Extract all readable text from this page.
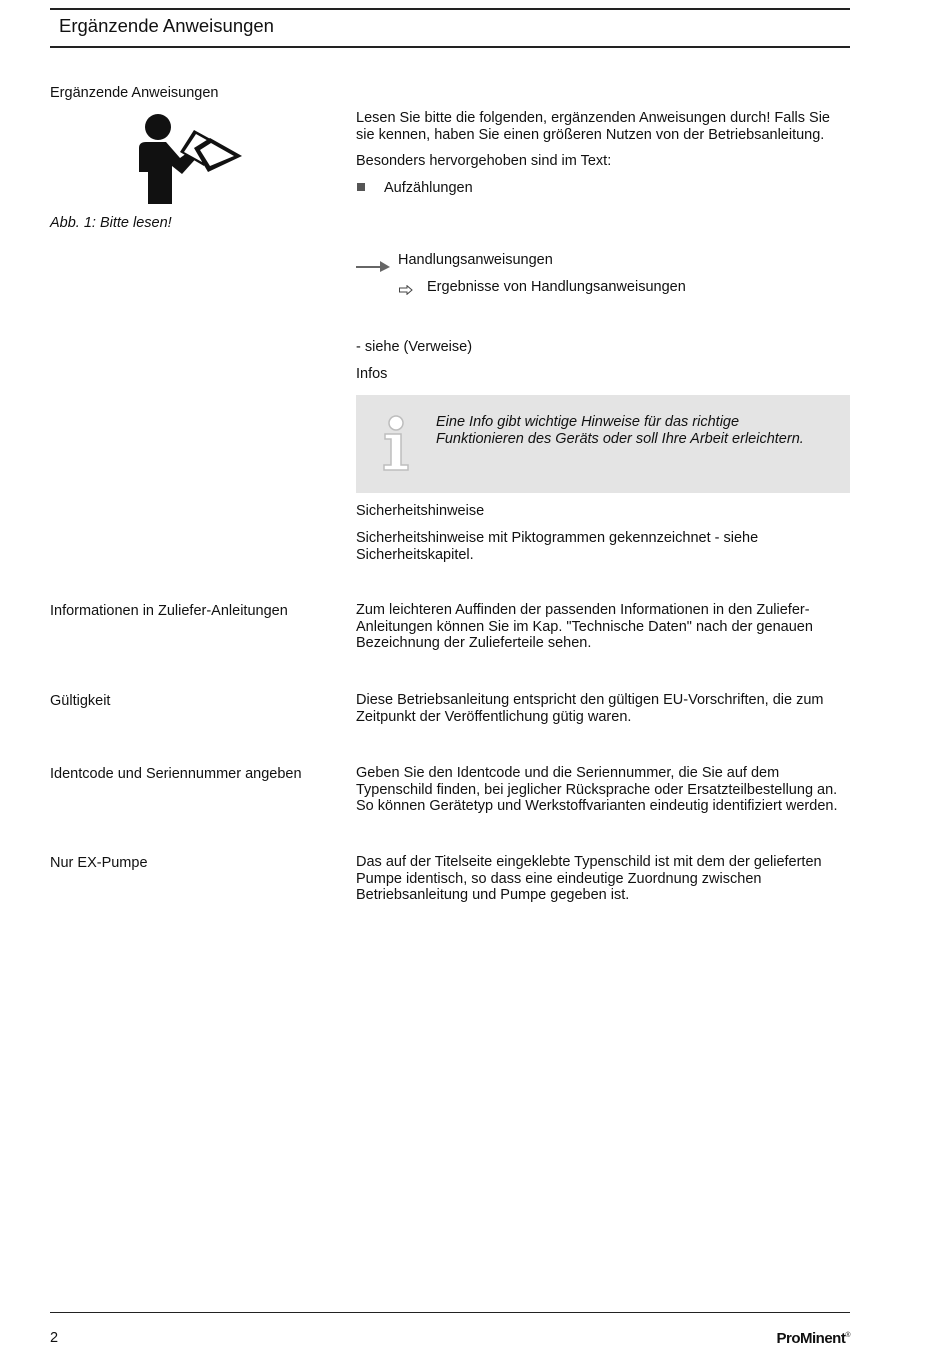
Ergänzende Anweisungen
Ergänzende Anweisungen
Abb. 1: Bitte lesen!

Lesen Sie bitte die folgenden, ergänzenden Anweisungen durch! Falls Sie sie kennen, haben Sie einen größeren Nutzen von der Betriebsanleitung.

Besonders hervorgehoben sind im Text:

Aufzählungen
Handlungsanweisungen
Ergebnisse von Handlungsanweisungen
- siehe (Verweise)
Infos
Eine Info gibt wichtige Hinweise für das richtige Funktionieren des Geräts oder soll Ihre Arbeit erleichtern.
Sicherheitshinweise

Sicherheitshinweise mit Piktogrammen gekennzeichnet - siehe Sicherheitskapitel.

Informationen in Zuliefer-Anleitungen	Zum leichteren Auffinden der passenden Informationen in den Zuliefer-Anleitungen können Sie im Kap. "Technische Daten" nach der genauen Bezeichnung der Zulieferteile sehen.

Gültigkeit	Diese Betriebsanleitung entspricht den gültigen EU-Vorschriften, die zum Zeitpunkt der Veröffentlichung gütig waren.

Identcode und Seriennummer angeben	Geben Sie den Identcode und die Seriennummer, die Sie auf dem Typenschild finden, bei jeglicher Rücksprache oder Ersatzteilbestellung an. So können Gerätetyp und Werkstoffvarianten eindeutig identifiziert werden.

Nur EX-Pumpe	Das auf der Titelseite eingeklebte Typenschild ist mit dem der gelieferten Pumpe identisch, so dass eine eindeutige Zuordnung zwischen Betriebsanleitung und Pumpe gegeben ist.

2	ProMinent®
